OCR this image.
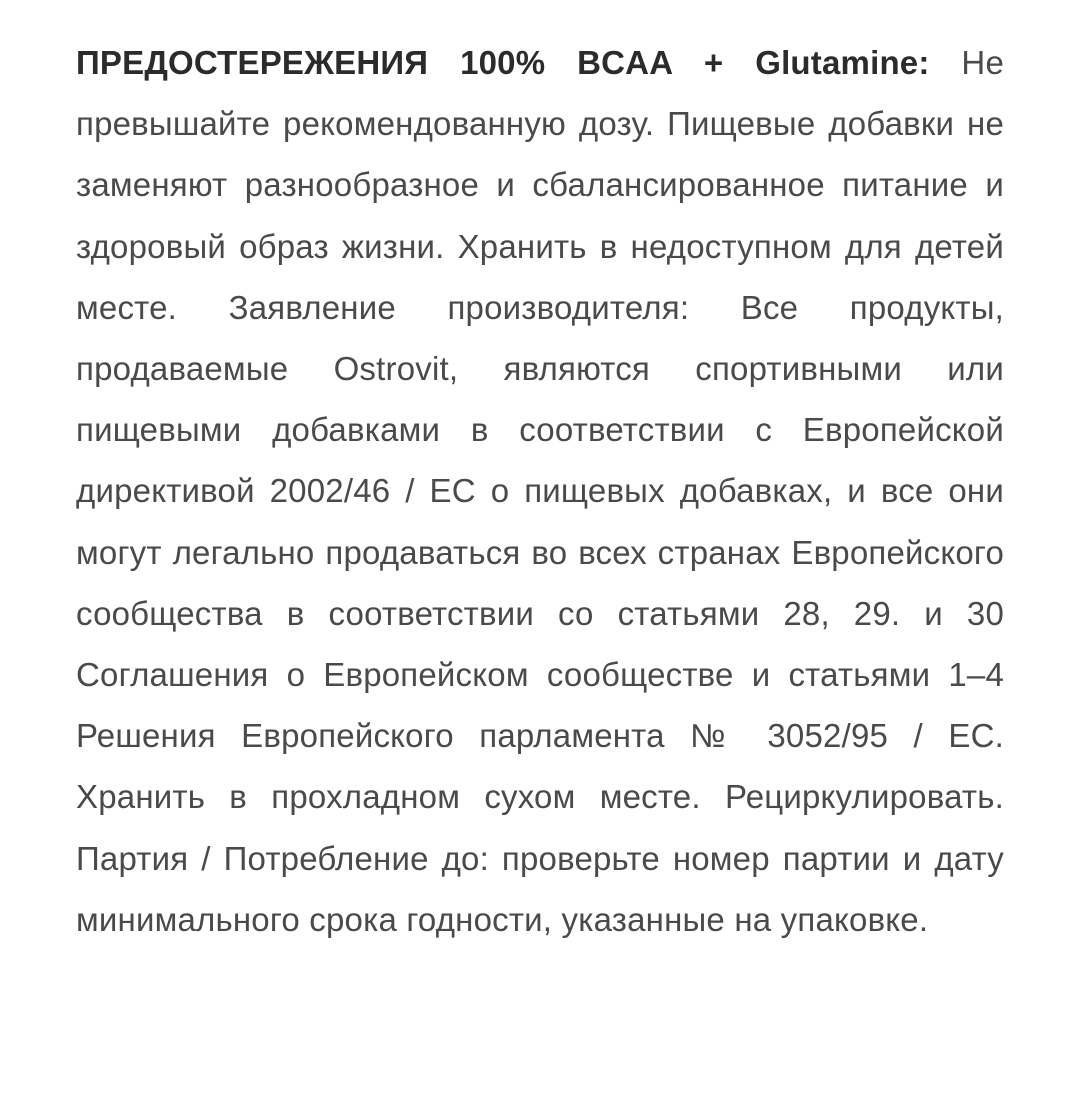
ПРЕДОСТЕРЕЖЕНИЯ 100% BCAA + Glutamine: Не превышайте рекомендованную дозу. Пищевые добавки не заменяют разнообразное и сбалансированное питание и здоровый образ жизни. Хранить в недоступном для детей месте. Заявление производителя: Все продукты, продаваемые Ostrovit, являются спортивными или пищевыми добавками в соответствии с Европейской директивой 2002/46 / EC о пищевых добавках, и все они могут легально продаваться во всех странах Европейского сообщества в соответствии со статьями 28, 29. и 30 Соглашения о Европейском сообществе и статьями 1–4 Решения Европейского парламента № 3052/95 / EC. Хранить в прохладном сухом месте. Рециркулировать. Партия / Потребление до: проверьте номер партии и дату минимального срока годности, указанные на упаковке.
